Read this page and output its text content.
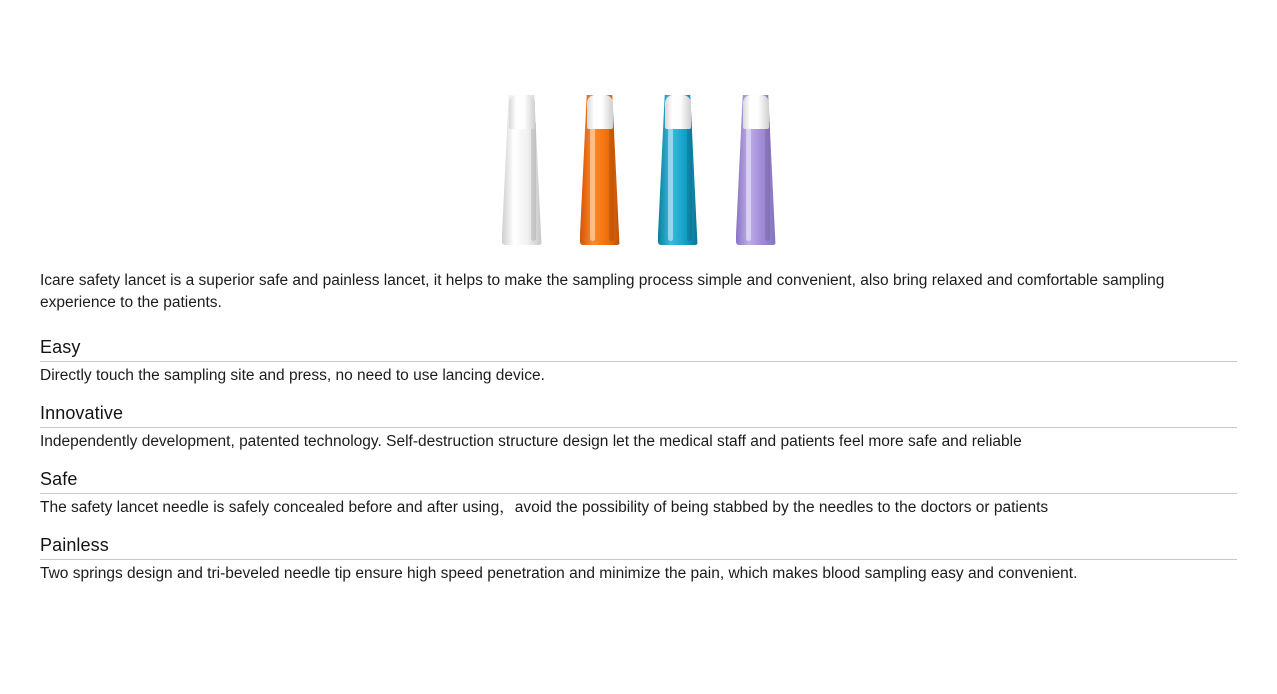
Icare safety lancet is a superior safe and painless lancet, it helps to make the sampling process simple and convenient, also bring relaxed and comfortable sampling experience to the patients.

Easy

Directly touch the sampling site and press, no need to use lancing device.

Innovative

Independently development, patented technology. Self-destruction structure design let the medical staff and patients feel more safe and reliable

Safe

The safety lancet needle is safely concealed before and after using，avoid the possibility of being stabbed by the needles to the doctors or patients

Painless

Two springs design and tri-beveled needle tip ensure high speed penetration and minimize the pain, which makes blood sampling easy and convenient.
